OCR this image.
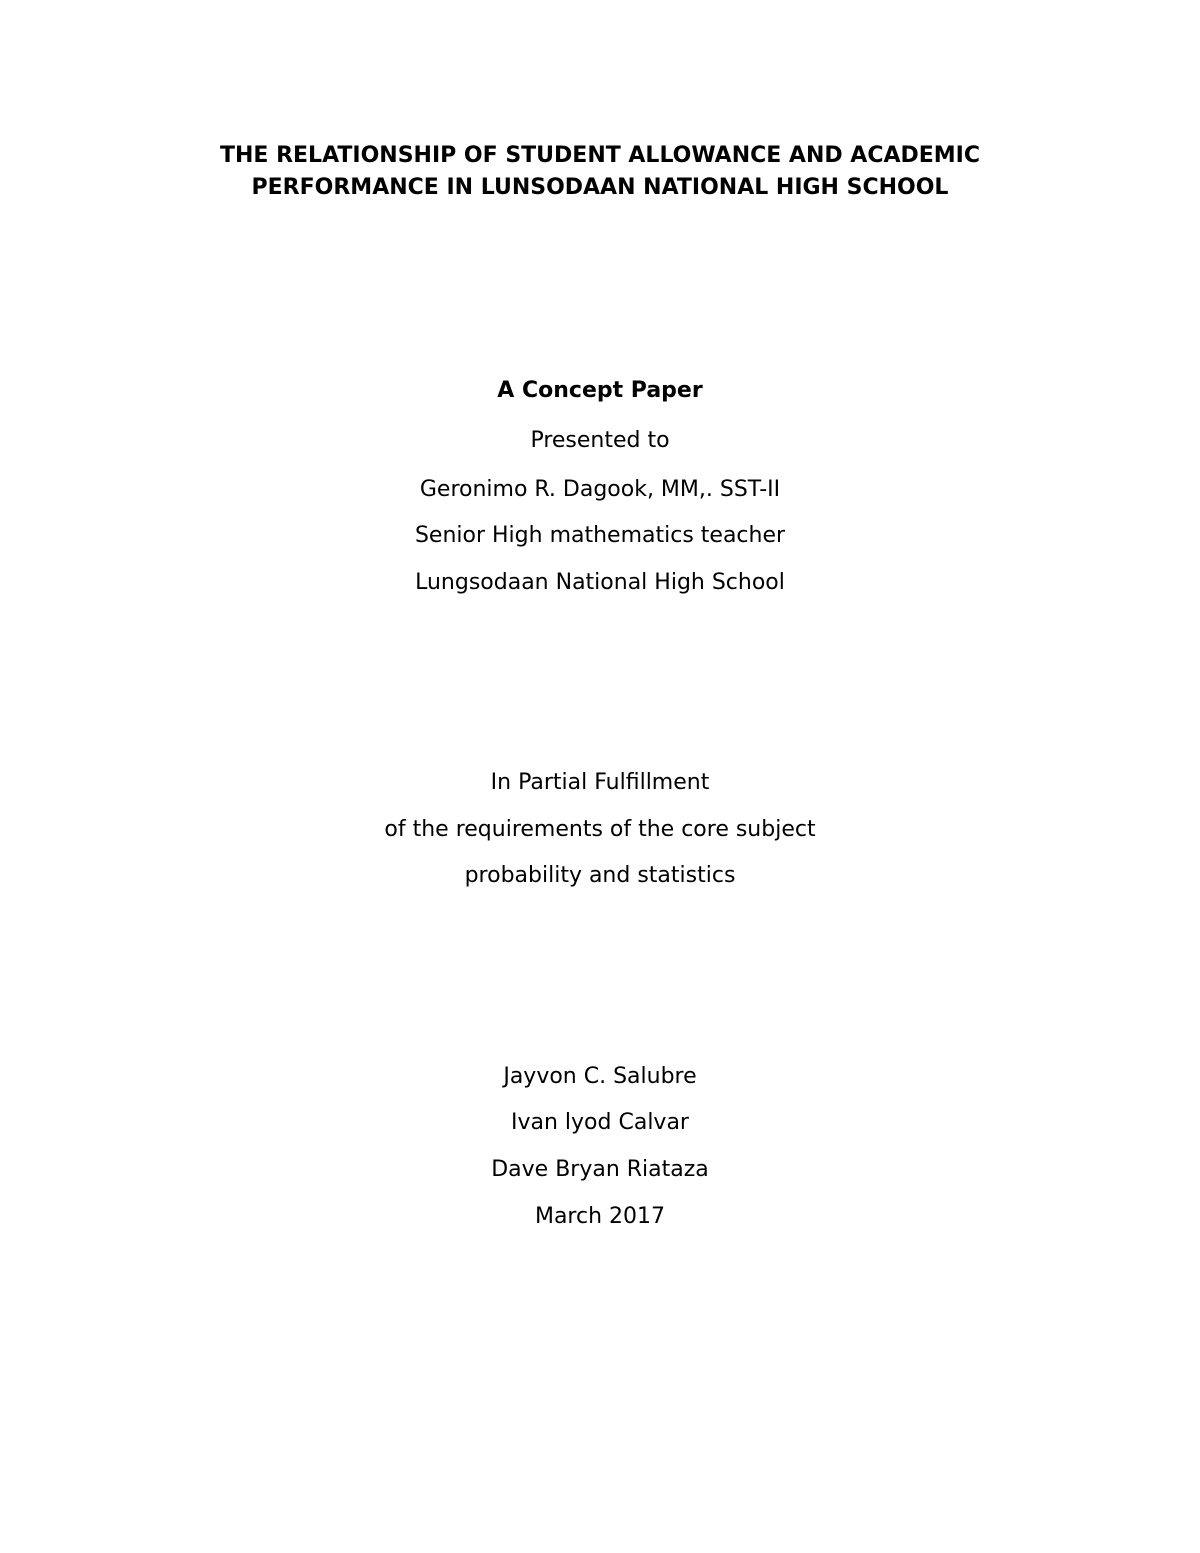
THE RELATIONSHIP OF STUDENT ALLOWANCE AND ACADEMIC
PERFORMANCE IN LUNSODAAN NATIONAL HIGH SCHOOL
A Concept Paper
Presented to
Geronimo R. Dagook, MM,. SST-II
Senior High mathematics teacher
Lungsodaan National High School
In Partial Fulfillment
of the requirements of the core subject
probability and statistics
Jayvon C. Salubre
Ivan lyod Calvar
Dave Bryan Riataza
March 2017
